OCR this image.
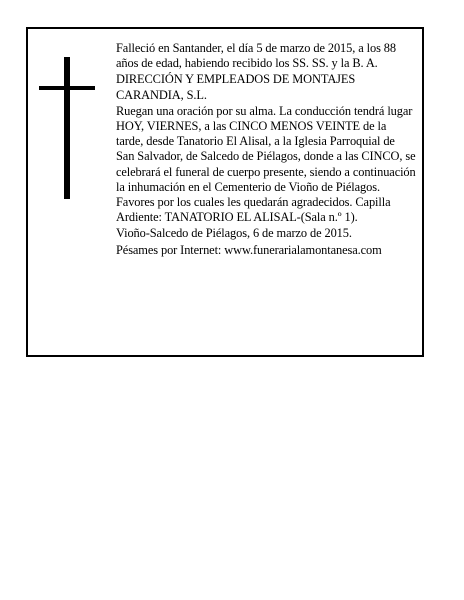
Falleció en Santander, el día 5 de marzo de 2015, a los 88 años de edad, habiendo recibido los SS. SS. y la B. A.

DIRECCIÓN Y EMPLEADOS DE MONTAJES CARANDIA, S.L.

Ruegan una oración por su alma. La conducción tendrá lugar HOY, VIERNES, a las CINCO MENOS VEINTE de la tarde, desde Tanatorio El Alisal, a la Iglesia Parroquial de San Salvador, de Salcedo de Piélagos, donde a las CINCO, se celebrará el funeral de cuerpo presente, siendo a continuación la inhumación en el Cementerio de Vioño de Piélagos. Favores por los cuales les quedarán agradecidos. Capilla Ardiente: TANATORIO EL ALISAL-(Sala n.º 1).

Vioño-Salcedo de Piélagos, 6 de marzo de 2015.

Pésames por Internet: www.funerarialamontanesa.com
